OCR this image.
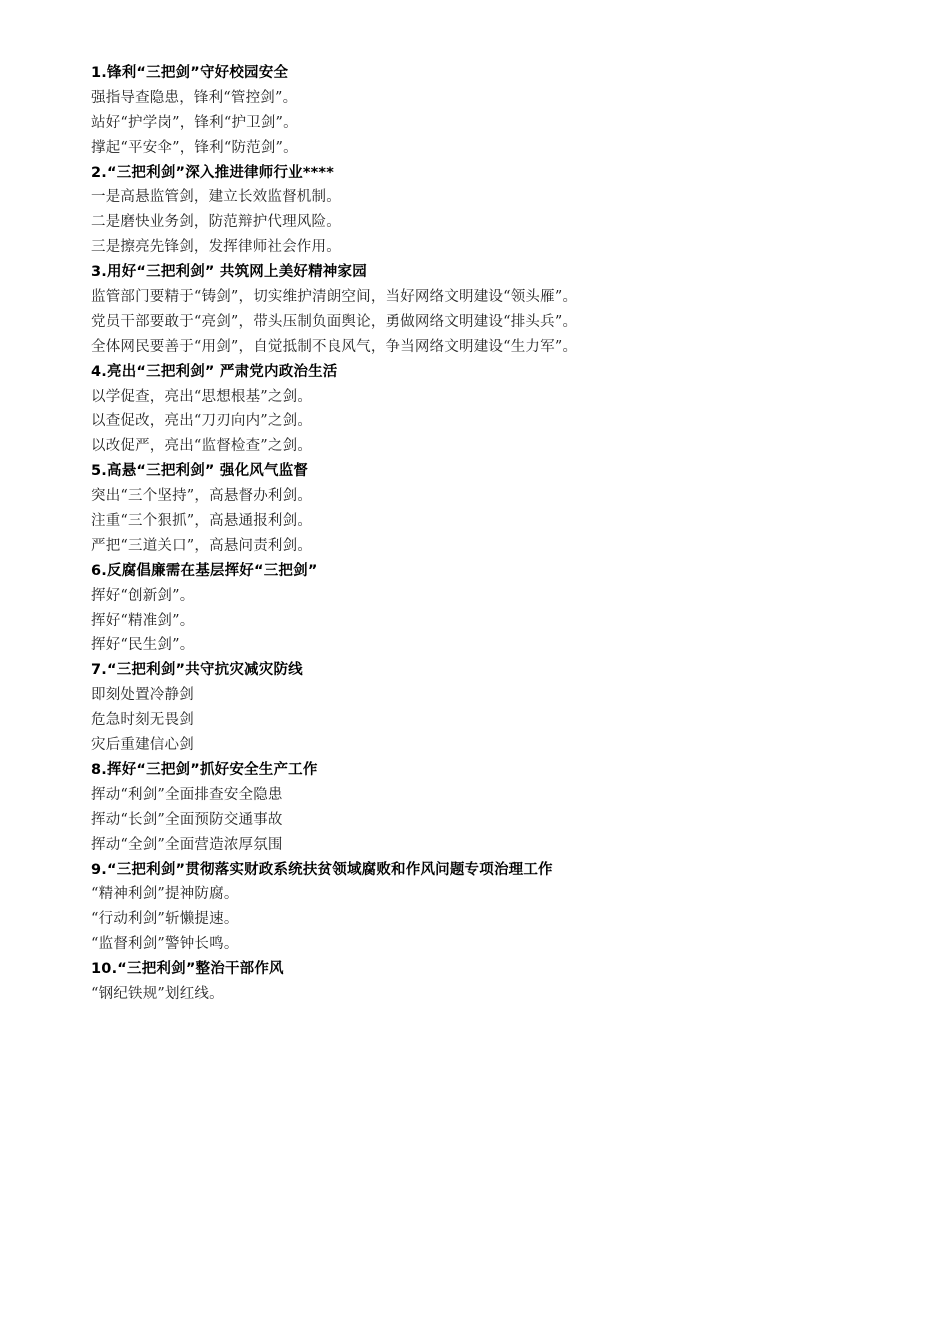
1.锋利“三把剑”守好校园安全
强指导查隐患，锋利“管控剑”。
站好“护学岗”，锋利“护卫剑”。
撑起“平安伞”，锋利“防范剑”。
2.“三把利剑”深入推进律师行业****
一是高悬监管剑，建立长效监督机制。
二是磨快业务剑，防范辩护代理风险。
三是擦亮先锋剑，发挥律师社会作用。
3.用好“三把利剑” 共筑网上美好精神家园
监管部门要精于“铸剑”，切实维护清朗空间，当好网络文明建设“领头雁”。
党员干部要敢于“亮剑”，带头压制负面舆论，勇做网络文明建设“排头兵”。
全体网民要善于“用剑”，自觉抵制不良风气，争当网络文明建设“生力军”。
4.亮出“三把利剑” 严肃党内政治生活
以学促查，亮出“思想根基”之剑。
以查促改，亮出“刀刃向内”之剑。
以改促严，亮出“监督检查”之剑。
5.高悬“三把利剑” 强化风气监督
突出“三个坚持”，高悬督办利剑。
注重“三个狠抓”，高悬通报利剑。
严把“三道关口”，高悬问责利剑。
6.反腐倡廉需在基层挥好“三把剑”
挥好“创新剑”。
挥好“精准剑”。
挥好“民生剑”。
7.“三把利剑”共守抗灾减灾防线
即刻处置冷静剑
危急时刻无畏剑
灾后重建信心剑
8.挥好“三把剑”抓好安全生产工作
挥动“利剑”全面排查安全隐患
挥动“长剑”全面预防交通事故
挥动“全剑”全面营造浓厚氛围
9.“三把利剑”贯彻落实财政系统扶贫领域腐败和作风问题专项治理工作
“精神利剑”提神防腐。
“行动利剑”斩懒提速。
“监督利剑”警钟长鸣。
10.“三把利剑”整治干部作风
“钢纪铁规”划红线。
